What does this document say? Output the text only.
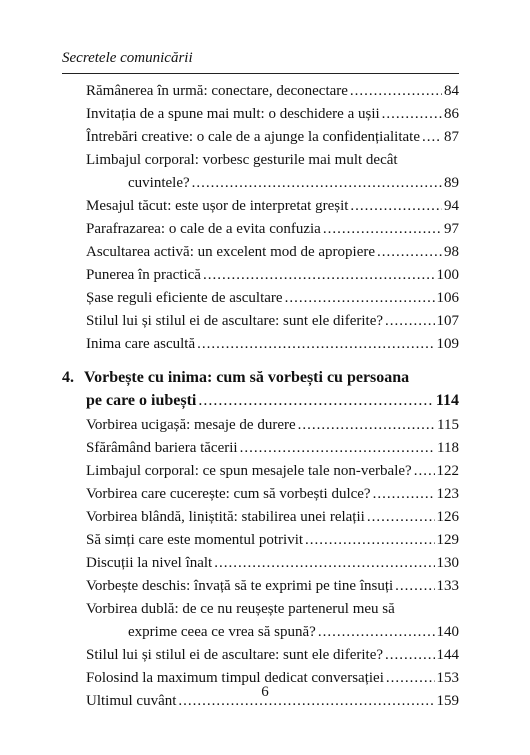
Secretele comunicării
Rămânerea în urmă: conectare, deconectare .....	84
Invitația de a spune mai mult: o deschidere a ușii .....	86
Întrebări creative: o cale de a ajunge la confidențialitate ..... 87
Limbajul corporal: vorbesc gesturile mai mult decât
cuvintele? .....	89
Mesajul tăcut: este ușor de interpretat greșit .....	94
Parafrazarea: o cale de a evita confuzia .....	97
Ascultarea activă: un excelent mod de apropiere .....	98
Punerea în practică .....	100
Șase reguli eficiente de ascultare .....	106
Stilul lui și stilul ei de ascultare: sunt ele diferite? .....	107
Inima care ascultă .....	109
4. Vorbește cu inima: cum să vorbești cu persoana
pe care o iubești .....	114
Vorbirea ucigașă: mesaje de durere .....	115
Sfărâmând bariera tăcerii .....	118
Limbajul corporal: ce spun mesajele tale non-verbale? ..... 122
Vorbirea care cucerește: cum să vorbești dulce? .....	123
Vorbirea blândă, liniștită: stabilirea unei relații .....	126
Să simți care este momentul potrivit .....	129
Discuții la nivel înalt .....	130
Vorbește deschis: învață să te exprimi pe tine însuți .....	133
Vorbirea dublă: de ce nu reușește partenerul meu să
exprime ceea ce vrea să spună? .....	140
Stilul lui și stilul ei de ascultare: sunt ele diferite? .....	144
Folosind la maximum timpul dedicat conversației .....	153
Ultimul cuvânt .....	159
6
